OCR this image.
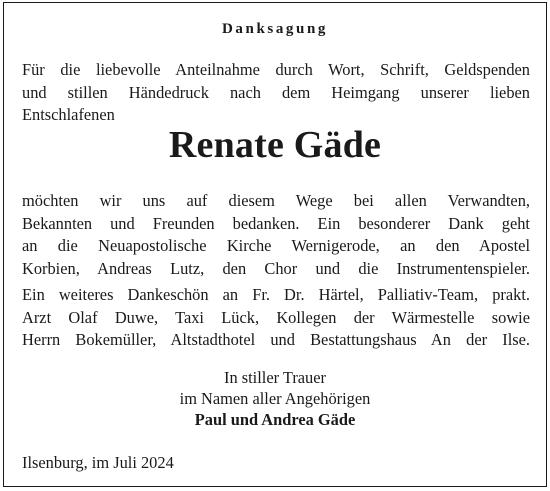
Danksagung
Für die liebevolle Anteilnahme durch Wort, Schrift, Geldspenden
und stillen Händedruck nach dem Heimgang unserer lieben
Entschlafenen
Renate Gäde
möchten wir uns auf diesem Wege bei allen Verwandten,
Bekannten und Freunden bedanken. Ein besonderer Dank geht
an die Neuapostolische Kirche Wernigerode, an den Apostel
Korbien, Andreas Lutz, den Chor und die Instrumentenspieler.
Ein weiteres Dankeschön an Fr. Dr. Härtel, Palliativ-Team, prakt.
Arzt Olaf Duwe, Taxi Lück, Kollegen der Wärmestelle sowie
Herrn Bokemüller, Altstadthotel und Bestattungshaus An der Ilse.
In stiller Trauer
im Namen aller Angehörigen
Paul und Andrea Gäde
Ilsenburg, im Juli 2024
